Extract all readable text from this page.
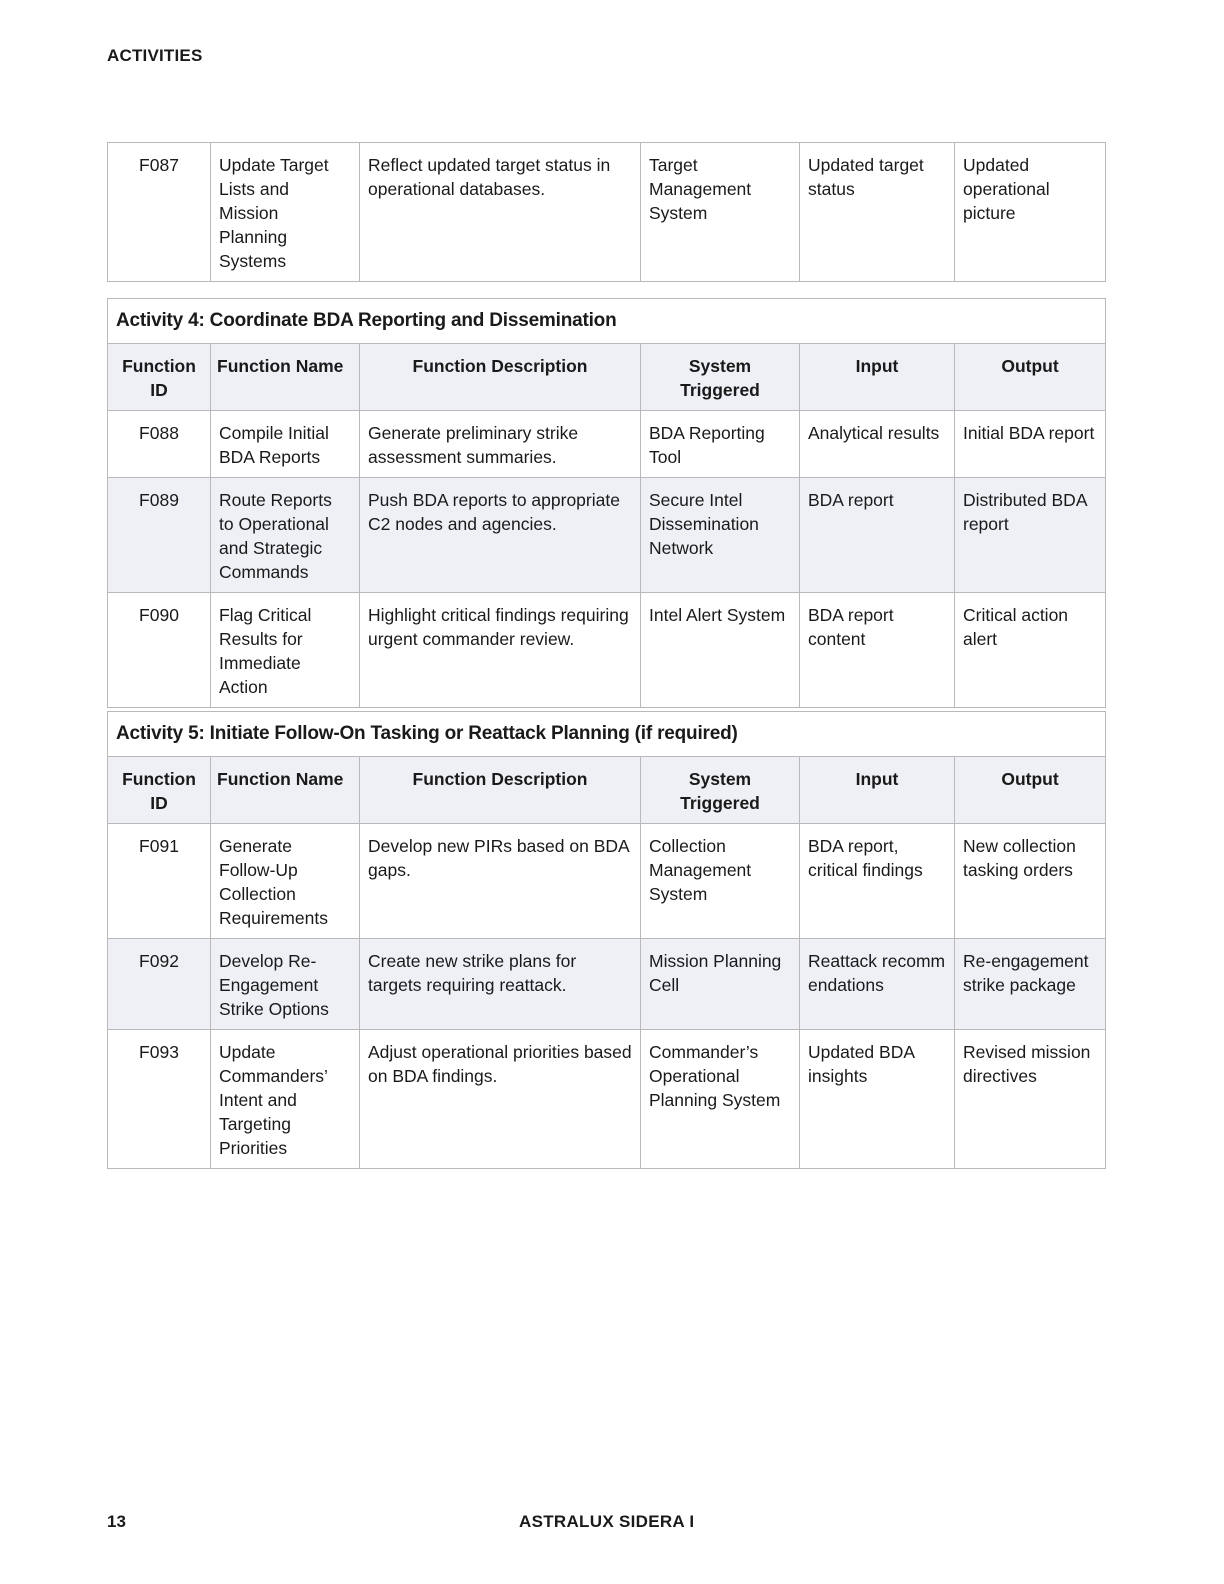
ACTIVITIES
F087	Update Target Lists and Mission Planning Systems	Reflect updated target status in operational databases.	Target Management System	Updated target status	Updated operational picture
Activity 4: Coordinate BDA Reporting and Dissemination					
Function ID	Function Name	Function Description	System Triggered	Input	Output
F088	Compile Initial BDA Reports	Generate preliminary strike assessment summaries.	BDA Reporting Tool	Analytical results	Initial BDA report
F089	Route Reports to Operational and Strategic Commands	Push BDA reports to appropriate C2 nodes and agencies.	Secure Intel Dissemination Network	BDA report	Distributed BDA report
F090	Flag Critical Results for Immediate Action	Highlight critical findings requiring urgent commander review.	Intel Alert System	BDA report content	Critical action alert
Activity 5: Initiate Follow-On Tasking or Reattack Planning (if required)					
Function ID	Function Name	Function Description	System Triggered	Input	Output
F091	Generate Follow-Up Collection Requirements	Develop new PIRs based on BDA gaps.	Collection Management System	BDA report, critical findings	New collection tasking orders
F092	Develop Re-Engagement Strike Options	Create new strike plans for targets requiring reattack.	Mission Planning Cell	Reattack recommendations	Re-engagement strike package
F093	Update Commanders’ Intent and Targeting Priorities	Adjust operational priorities based on BDA findings.	Commander’s Operational Planning System	Updated BDA insights	Revised mission directives
13	ASTRALUX SIDERA I
